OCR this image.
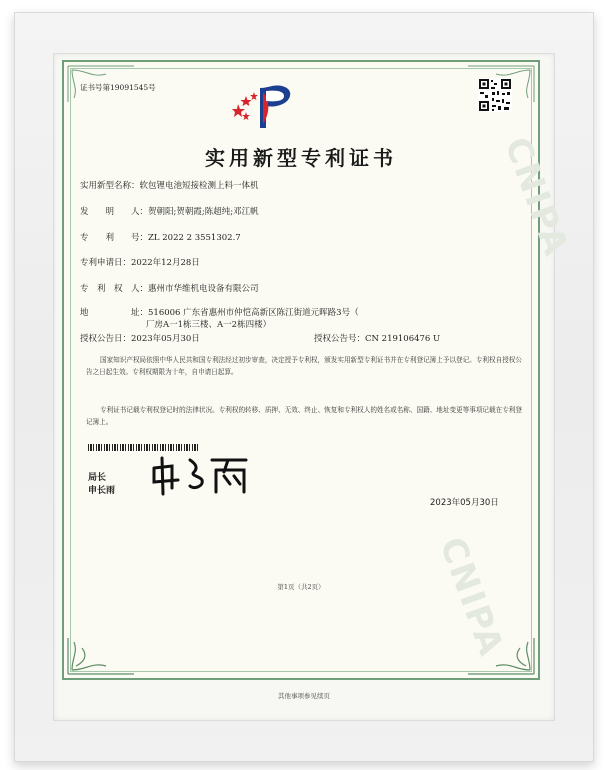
CNIPA
CNIPA
证书号第19091545号
实用新型专利证书
实用新型名称：软包锂电池短接检测上料一体机
发　　明　　人：贺朝阳;贺朝霞;陈超纯;邓江帆
专　　利　　号：ZL 2022 2 3551302.7
专利申请日：2022年12月28日
专　利　权　人：惠州市华维机电设备有限公司
地　　　　　址：516006 广东省惠州市仲恺高新区陈江街道元晖路3号（
厂房A一1栋三楼、A一2栋四楼）
授权公告日：2023年05月30日	授权公告号：CN 219106476 U
国家知识产权局依照中华人民共和国专利法经过初步审查，决定授予专利权，颁发实用新型专利证书并在专利登记簿上予以登记。专利权自授权公告之日起生效。专利权期限为十年，自申请日起算。
专利证书记载专利权登记时的法律状况。专利权的转移、质押、无效、终止、恢复和专利权人的姓名或名称、国籍、地址变更等事项记载在专利登记簿上。
局长
申长雨
2023年05月30日
第1页（共2页）
其他事项参见续页
